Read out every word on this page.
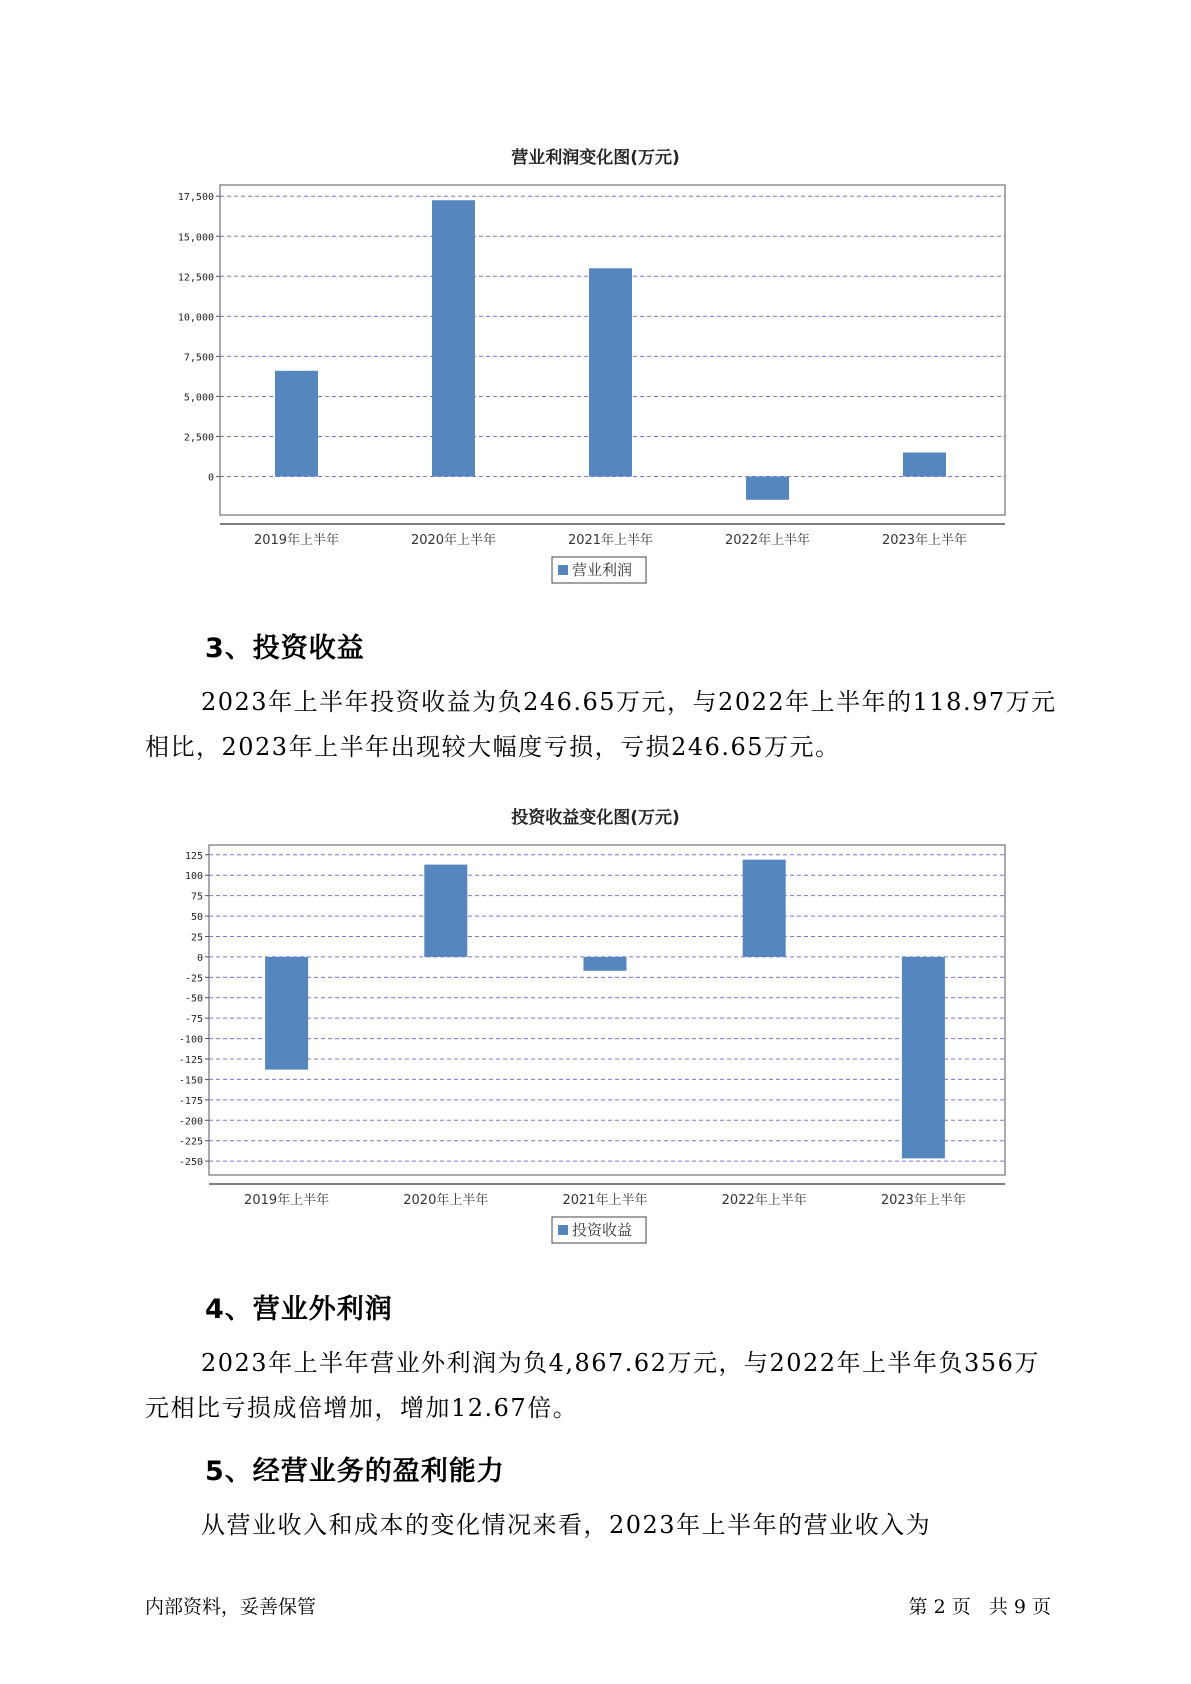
营业利润变化图(万元)
0
2,500
5,000
7,500
10,000
12,500
15,000
17,500
2019年上半年	2020年上半年	2021年上半年	2022年上半年	2023年上半年
营业利润
3、投资收益

2023年上半年投资收益为负246.65万元，与2022年上半年的118.97万元相比，2023年上半年出现较大幅度亏损，亏损246.65万元。

投资收益变化图(万元)
125
100
75
50
25
0
-25
-50
-75
-100
-125
-150
-175
-200
-225
-250
2019年上半年	2020年上半年	2021年上半年	2022年上半年	2023年上半年
投资收益
4、营业外利润

2023年上半年营业外利润为负4,867.62万元，与2022年上半年负356万元相比亏损成倍增加，增加12.67倍。

5、经营业务的盈利能力

从营业收入和成本的变化情况来看，2023年上半年的营业收入为

内部资料，妥善保管	第 2 页   共 9 页
